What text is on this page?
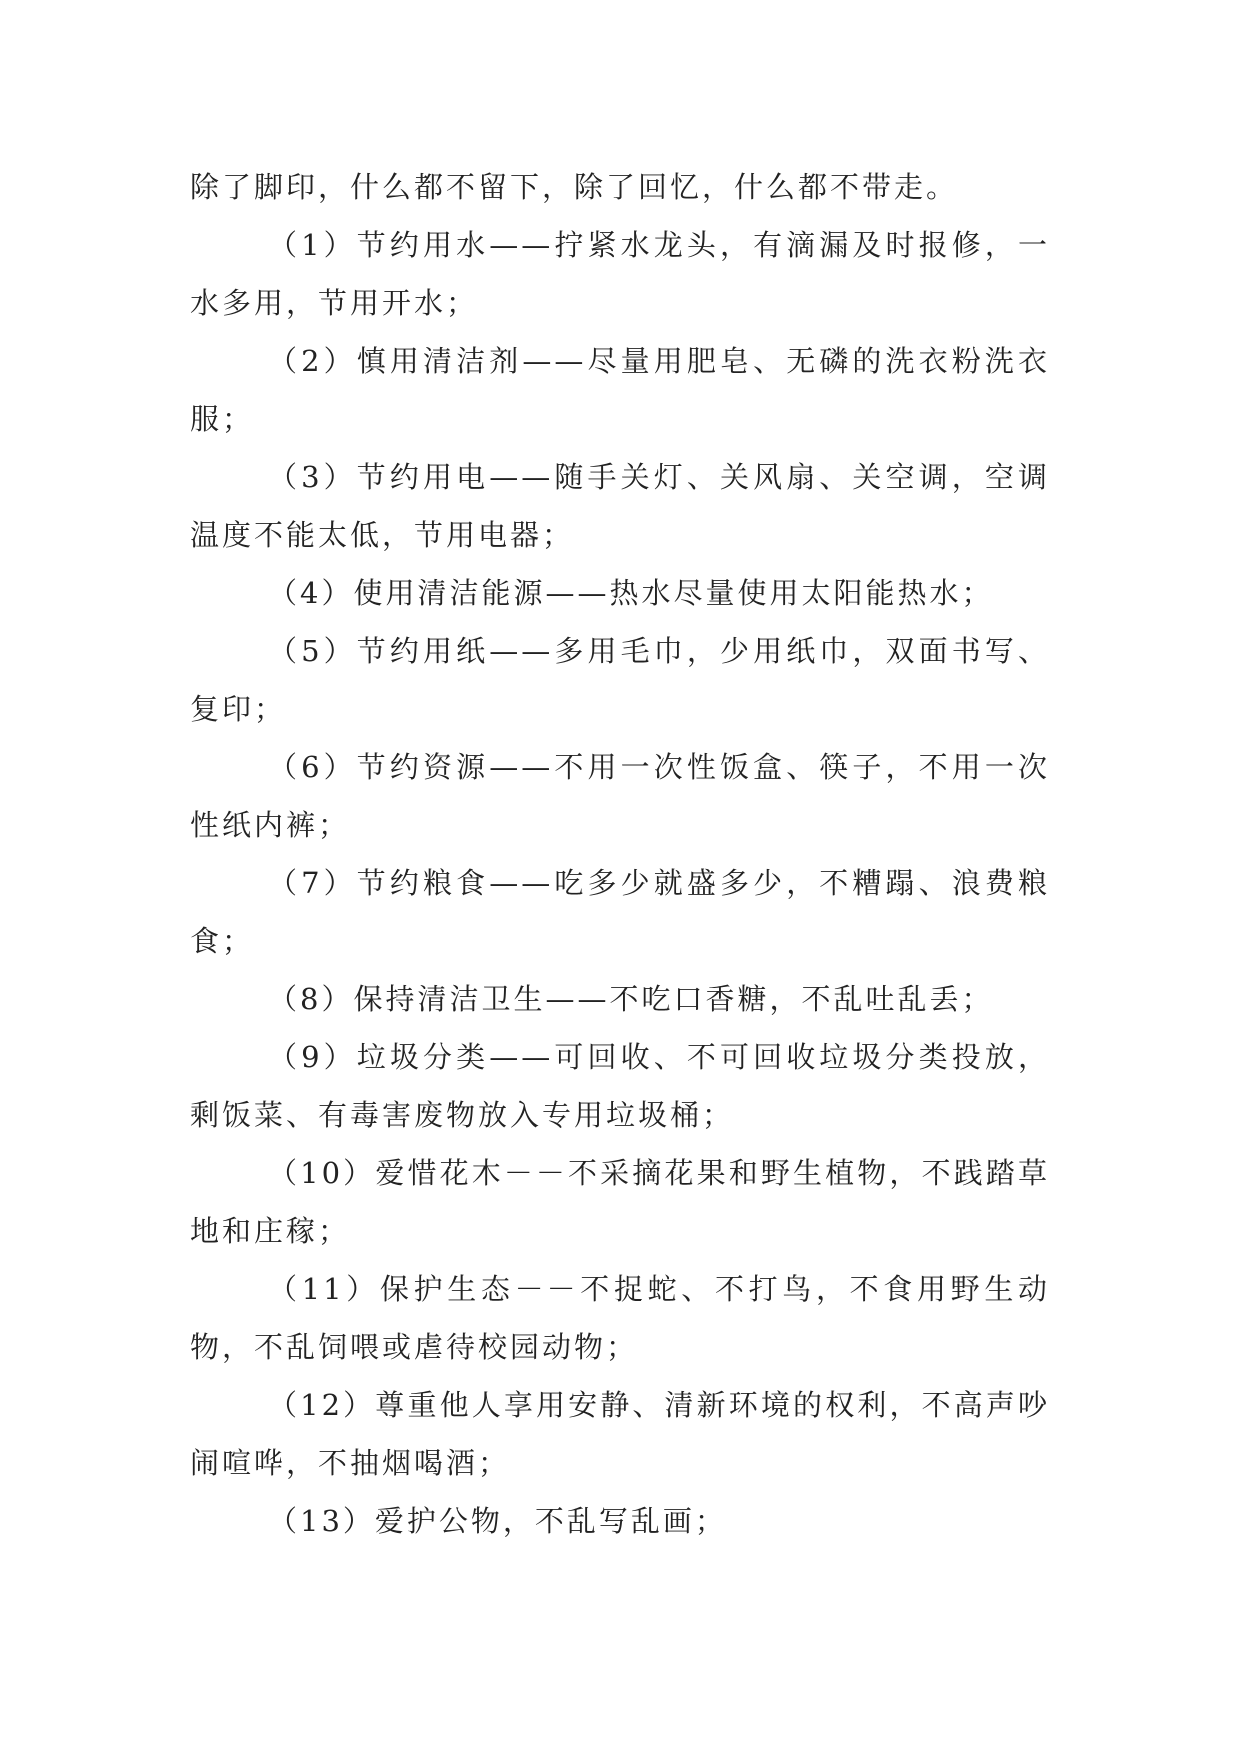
除了脚印，什么都不留下，除了回忆，什么都不带走。

（1）节约用水——拧紧水龙头，有滴漏及时报修，一水多用，节用开水；

（2）慎用清洁剂——尽量用肥皂、无磷的洗衣粉洗衣服；

（3）节约用电——随手关灯、关风扇、关空调，空调温度不能太低，节用电器；

（4）使用清洁能源——热水尽量使用太阳能热水；

（5）节约用纸——多用毛巾，少用纸巾，双面书写、复印；

（6）节约资源——不用一次性饭盒、筷子，不用一次性纸内裤；

（7）节约粮食——吃多少就盛多少，不糟蹋、浪费粮食；

（8）保持清洁卫生——不吃口香糖，不乱吐乱丢；

（9）垃圾分类——可回收、不可回收垃圾分类投放，剩饭菜、有毒害废物放入专用垃圾桶；

（10）爱惜花木－－不采摘花果和野生植物，不践踏草地和庄稼；

（11）保护生态－－不捉蛇、不打鸟，不食用野生动物，不乱饲喂或虐待校园动物；

（12）尊重他人享用安静、清新环境的权利，不高声吵闹喧哗，不抽烟喝酒；

（13）爱护公物，不乱写乱画；
